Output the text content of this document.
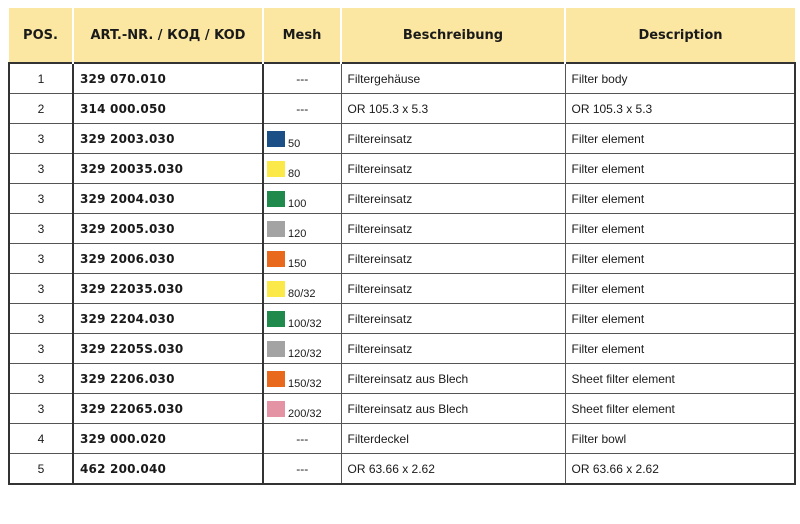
POS.	ART.-NR. / КОД / KOD	Mesh	Beschreibung	Description
1	329 070.010	---	Filtergehäuse	Filter body
2	314 000.050	---	OR 105.3 x 5.3	OR 105.3 x 5.3
3	329 2003.030	50	Filtereinsatz	Filter element
3	329 20035.030	80	Filtereinsatz	Filter element
3	329 2004.030	100	Filtereinsatz	Filter element
3	329 2005.030	120	Filtereinsatz	Filter element
3	329 2006.030	150	Filtereinsatz	Filter element
3	329 22035.030	80/32	Filtereinsatz	Filter element
3	329 2204.030	100/32	Filtereinsatz	Filter element
3	329 2205S.030	120/32	Filtereinsatz	Filter element
3	329 2206.030	150/32	Filtereinsatz aus Blech	Sheet filter element
3	329 22065.030	200/32	Filtereinsatz aus Blech	Sheet filter element
4	329 000.020	---	Filterdeckel	Filter bowl
5	462 200.040	---	OR 63.66 x 2.62	OR 63.66 x 2.62
